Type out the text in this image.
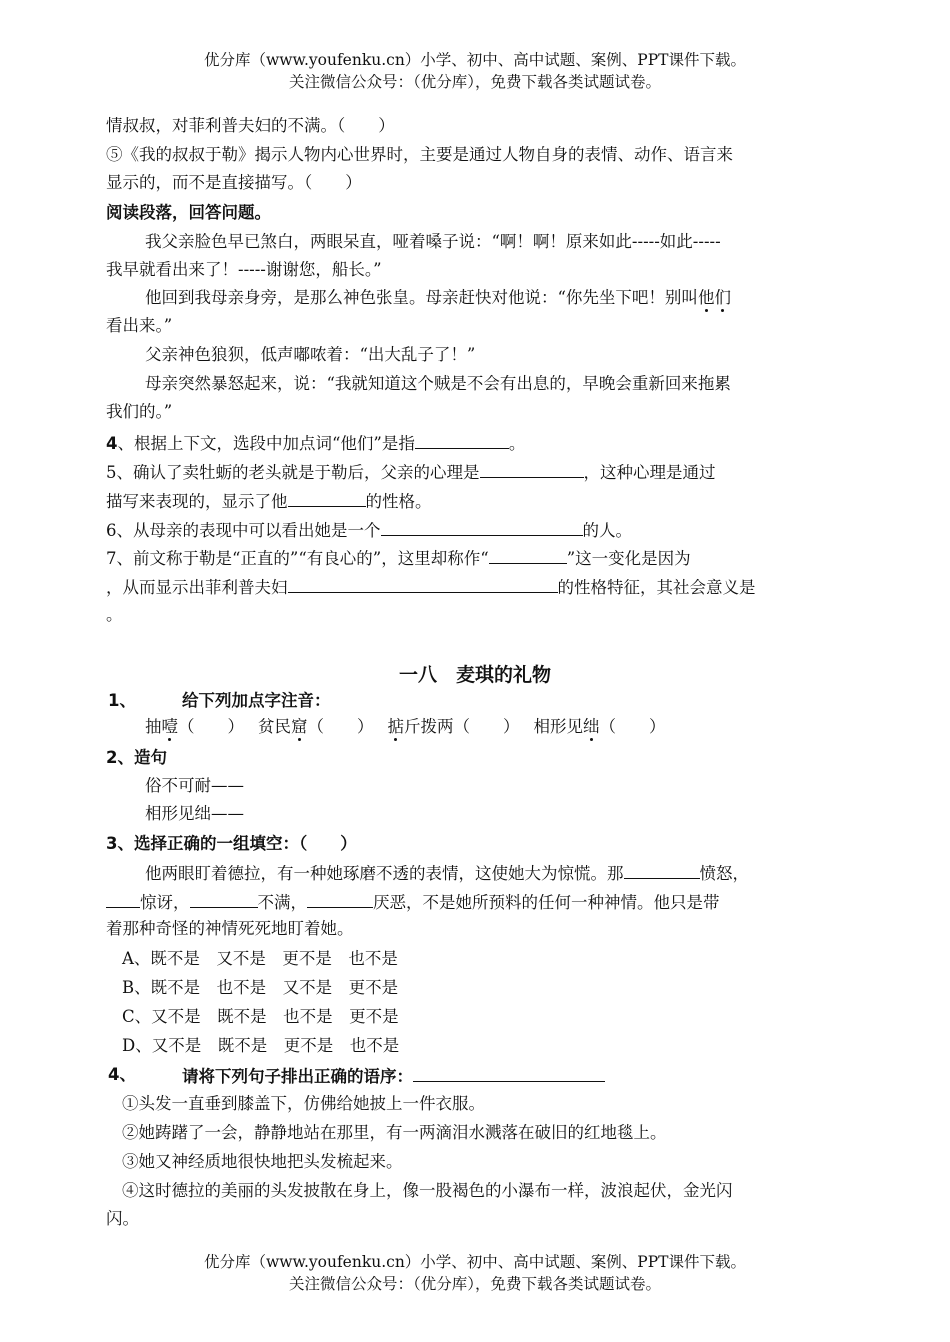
优分库（www.youfenku.cn）小学、初中、高中试题、案例、PPT课件下载。
关注微信公众号：（优分库），免费下载各类试题试卷。
情叔叔，对菲利普夫妇的不满。（　　）
⑤《我的叔叔于勒》揭示人物内心世界时，主要是通过人物自身的表情、动作、语言来
显示的，而不是直接描写。（　　）
阅读段落，回答问题。
我父亲脸色早已煞白，两眼呆直，哑着嗓子说：“啊！啊！原来如此-----如此-----
我早就看出来了！-----谢谢您，船长。”
他回到我母亲身旁，是那么神色张皇。母亲赶快对他说：“你先坐下吧！别叫他们
看出来。”
父亲神色狼狈，低声嘟哝着：“出大乱子了！”
母亲突然暴怒起来，说：“我就知道这个贼是不会有出息的，早晚会重新回来拖累
我们的。”
4、根据上下文，选段中加点词“他们”是指	。
5、确认了卖牡蛎的老头就是于勒后，父亲的心理是	，这种心理是通过
描写来表现的，显示了他	的性格。
6、从母亲的表现中可以看出她是一个	的人。
7、前文称于勒是“正直的”“有良心的”，这里却称作“	”这一变化是因为
，从而显示出菲利普夫妇	的性格特征，其社会意义是
。
一八　麦琪的礼物
1、	给下列加点字注音：
抽噎（　　） 贫民窟（　　） 掂斤拨两（　　） 相形见绌（　　）
2、造句
俗不可耐——
相形见绌——
3、选择正确的一组填空：（　　）
他两眼盯着德拉，有一种她琢磨不透的表情，这使她大为惊慌。那	愤怒，
惊讶，	不满，	厌恶，不是她所预料的任何一种神情。他只是带
着那种奇怪的神情死死地盯着她。
A、既不是　又不是　更不是　也不是
B、既不是　也不是　又不是　更不是
C、又不是　既不是　也不是　更不是
D、又不是　既不是　更不是　也不是
4、	请将下列句子排出正确的语序：
①头发一直垂到膝盖下，仿佛给她披上一件衣服。
②她踌躇了一会，静静地站在那里，有一两滴泪水溅落在破旧的红地毯上。
③她又神经质地很快地把头发梳起来。
④这时德拉的美丽的头发披散在身上，像一股褐色的小瀑布一样，波浪起伏，金光闪
闪。
优分库（www.youfenku.cn）小学、初中、高中试题、案例、PPT课件下载。
关注微信公众号：（优分库），免费下载各类试题试卷。
